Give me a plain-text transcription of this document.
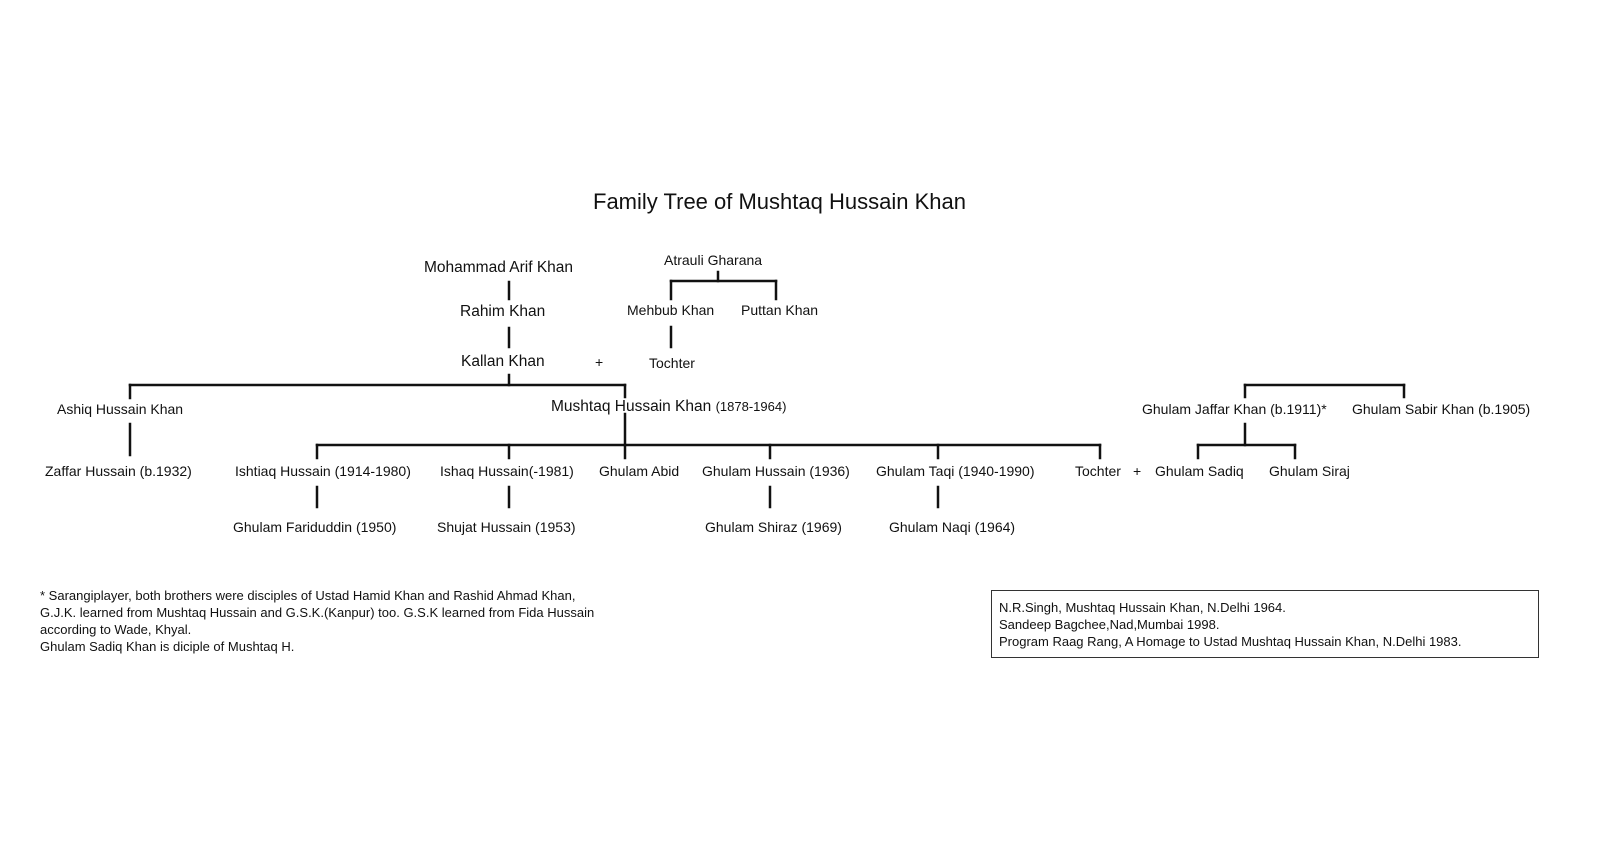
Family Tree of Mushtaq Hussain Khan
Mohammad Arif Khan
Rahim Khan
Kallan Khan	+
Atrauli Gharana
Mehbub Khan Puttan Khan
Tochter
Ashiq Hussain Khan	Mushtaq Hussain Khan (1878-1964)
Zaffar Hussain (b.1932)	Ishtiaq Hussain (1914-1980) Ishaq Hussain(-1981) Ghulam Abid Ghulam Hussain (1936) Ghulam Taqi (1940-1990)	Tochter +
Ghulam Fariduddin (1950)	Shujat Hussain (1953)	Ghulam Shiraz (1969)	Ghulam Naqi (1964)
Ghulam Jaffar Khan (b.1911)* Ghulam Sabir Khan (b.1905)
Ghulam Sadiq Ghulam Siraj
* Sarangiplayer, both brothers were disciples of Ustad Hamid Khan and Rashid Ahmad Khan,
G.J.K. learned from Mushtaq Hussain and G.S.K.(Kanpur) too. G.S.K learned from Fida Hussain
according to Wade, Khyal.
Ghulam Sadiq Khan is diciple of Mushtaq H.
N.R.Singh, Mushtaq Hussain Khan, N.Delhi 1964.
Sandeep Bagchee,Nad,Mumbai 1998.
Program Raag Rang, A Homage to Ustad Mushtaq Hussain Khan, N.Delhi 1983.
